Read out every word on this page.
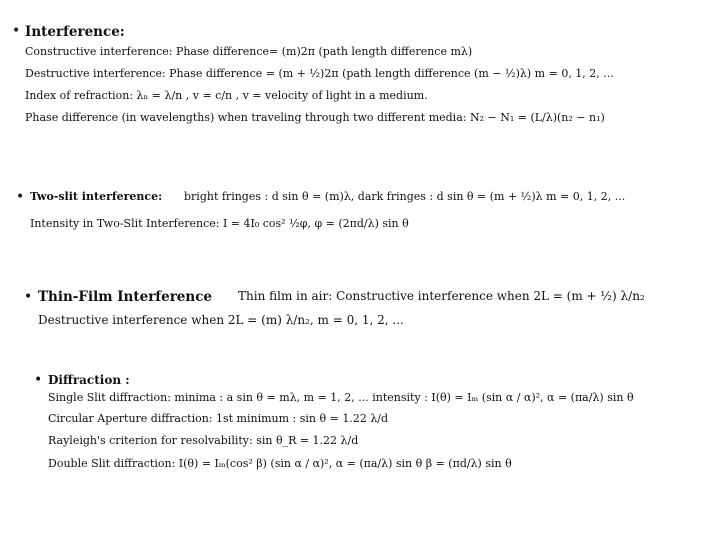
• Interference:
Constructive interference: Phase difference= (m)2π (path length difference mλ)
Destructive interference: Phase difference = (m + ½)2π (path length difference (m − ½)λ) m = 0, 1, 2, ...
Index of refraction: λₙ = λ/n , v = c/n , v = velocity of light in a medium.
Phase difference (in wavelengths) when traveling through two different media: N₂ − N₁ = (L/λ)(n₂ − n₁)
• Two-slit interference: bright fringes : d sin θ = (m)λ, dark fringes : d sin θ = (m + ½)λ m = 0, 1, 2, ...
Intensity in Two-Slit Interference: I = 4I₀ cos² ½φ, φ = (2πd/λ) sin θ
• Thin-Film Interference Thin film in air: Constructive interference when 2L = (m + ½) λ/n₂
Destructive interference when 2L = (m) λ/n₂, m = 0, 1, 2, ...
• Diffraction :
Single Slit diffraction: minima : a sin θ = mλ, m = 1, 2, ... intensity : I(θ) = Iₘ (sin α / α)², α = (πa/λ) sin θ
Circular Aperture diffraction: 1st minimum : sin θ = 1.22 λ/d
Rayleigh's criterion for resolvability: sin θ_R = 1.22 λ/d
Double Slit diffraction: I(θ) = Iₘ(cos² β) (sin α / α)², α = (πa/λ) sin θ β = (πd/λ) sin θ
